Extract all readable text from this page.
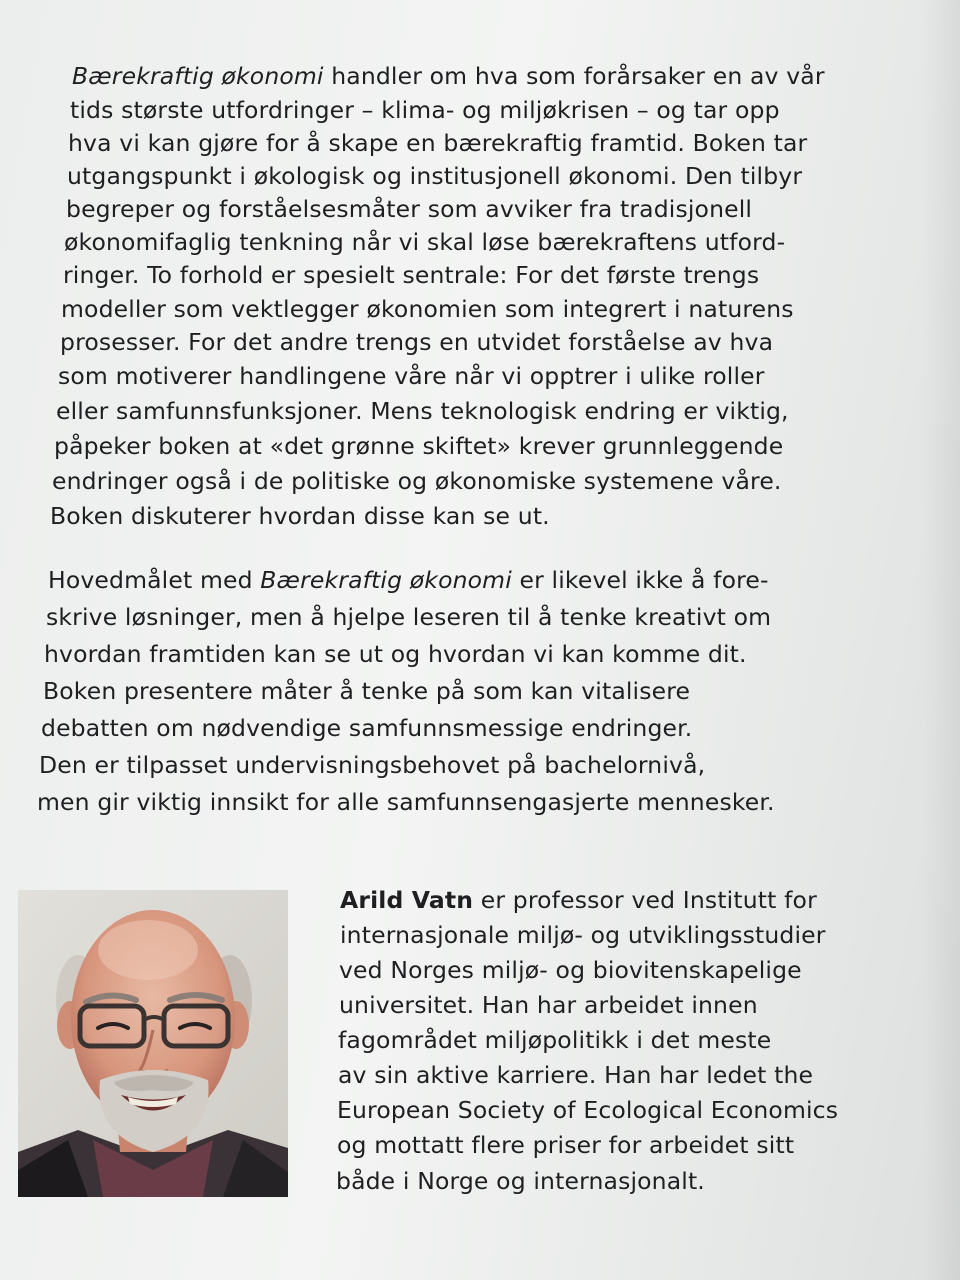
Bærekraftig økonomi handler om hva som forårsaker en av vår
tids største utfordringer – klima- og miljøkrisen – og tar opp
hva vi kan gjøre for å skape en bærekraftig framtid. Boken tar
utgangspunkt i økologisk og institusjonell økonomi. Den tilbyr
begreper og forståelsesmåter som avviker fra tradisjonell
økonomifaglig tenkning når vi skal løse bærekraftens utford-
ringer. To forhold er spesielt sentrale: For det første trengs
modeller som vektlegger økonomien som integrert i naturens
prosesser. For det andre trengs en utvidet forståelse av hva
som motiverer handlingene våre når vi opptrer i ulike roller
eller samfunnsfunksjoner. Mens teknologisk endring er viktig,
påpeker boken at «det grønne skiftet» krever grunnleggende
endringer også i de politiske og økonomiske systemene våre.
Boken diskuterer hvordan disse kan se ut.
Hovedmålet med Bærekraftig økonomi er likevel ikke å fore-
skrive løsninger, men å hjelpe leseren til å tenke kreativt om
hvordan framtiden kan se ut og hvordan vi kan komme dit.
Boken presentere måter å tenke på som kan vitalisere
debatten om nødvendige samfunnsmessige endringer.
Den er tilpasset undervisningsbehovet på bachelornivå,
men gir viktig innsikt for alle samfunnsengasjerte mennesker.
Arild Vatn er professor ved Institutt for
internasjonale miljø- og utviklingsstudier
ved Norges miljø- og biovitenskapelige
universitet. Han har arbeidet innen
fagområdet miljøpolitikk i det meste
av sin aktive karriere. Han har ledet the
European Society of Ecological Economics
og mottatt flere priser for arbeidet sitt
både i Norge og internasjonalt.
